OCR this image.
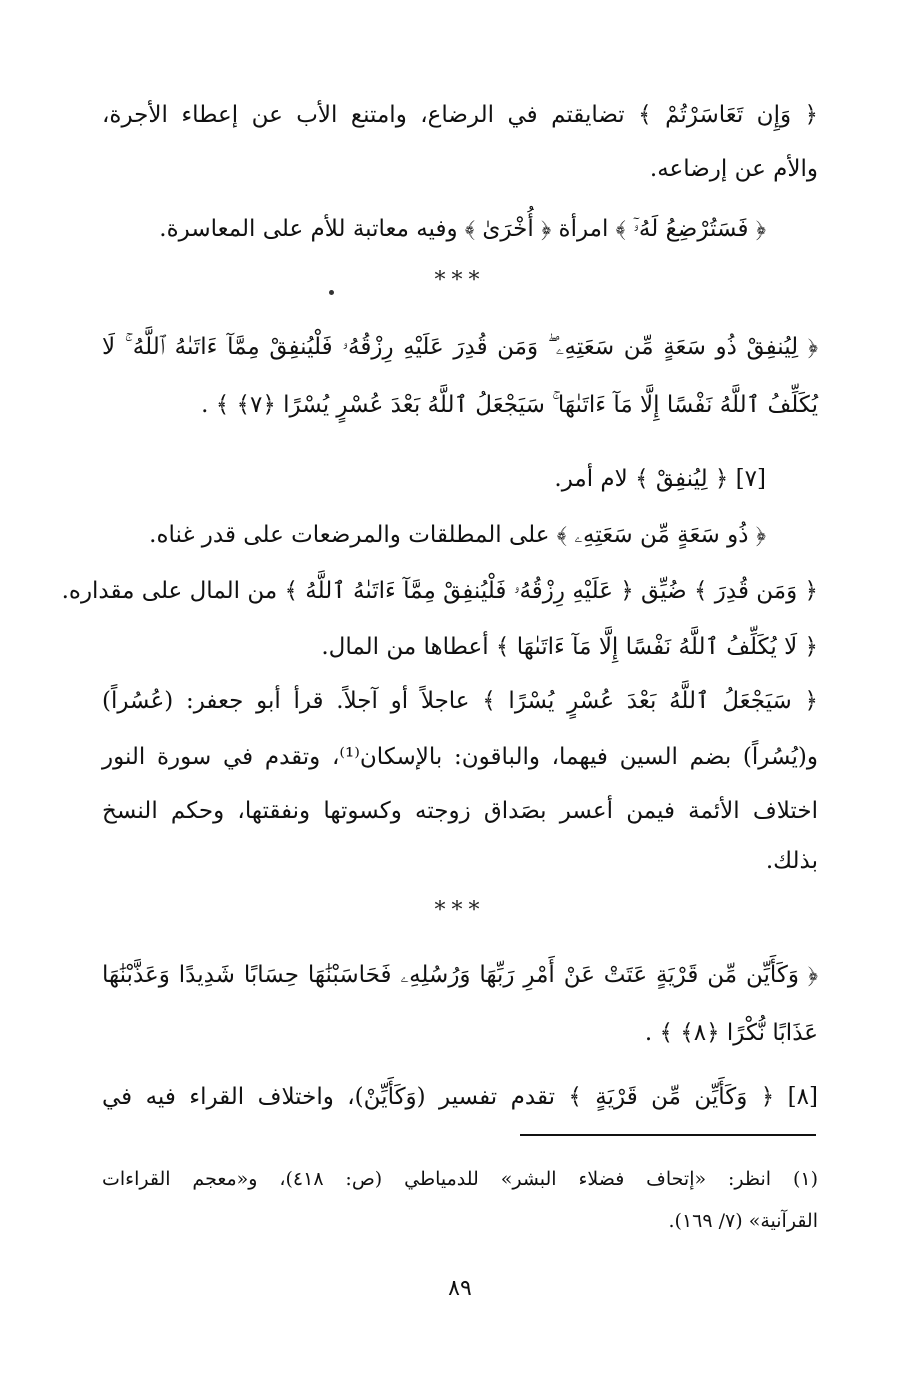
﴿ وَإِن تَعَاسَرْتُمْ ﴾ تضايقتم في الرضاع، وامتنع الأب عن إعطاء الأجرة،
والأم عن إرضاعه.
﴿ فَسَتُرْضِعُ لَهُۥٓ ﴾ امرأة ﴿ أُخْرَىٰ ﴾ وفيه معاتبة للأم على المعاسرة.
***
﴿ لِيُنفِقْ ذُو سَعَةٍ مِّن سَعَتِهِۦ ۖ وَمَن قُدِرَ عَلَيْهِ رِزْقُهُۥ فَلْيُنفِقْ مِمَّآ ءَاتَىٰهُ ٱللَّهُ ۚ لَا
يُكَلِّفُ ٱللَّهُ نَفْسًا إِلَّا مَآ ءَاتَىٰهَا ۚ سَيَجْعَلُ ٱللَّهُ بَعْدَ عُسْرٍ يُسْرًا ﴿٧﴾ ﴾ .
[٧] ﴿ لِيُنفِقْ ﴾ لام أمر.
﴿ ذُو سَعَةٍ مِّن سَعَتِهِۦ ﴾ على المطلقات والمرضعات على قدر غناه.
﴿ وَمَن قُدِرَ ﴾ ضُيِّق ﴿ عَلَيْهِ رِزْقُهُۥ فَلْيُنفِقْ مِمَّآ ءَاتَىٰهُ ٱللَّهُ ﴾ من المال على مقداره.
﴿ لَا يُكَلِّفُ ٱللَّهُ نَفْسًا إِلَّا مَآ ءَاتَىٰهَا ﴾ أعطاها من المال.
﴿ سَيَجْعَلُ ٱللَّهُ بَعْدَ عُسْرٍ يُسْرًا ﴾ عاجلاً أو آجلاً. قرأ أبو جعفر: (عُسُراً)
و(يُسُراً) بضم السين فيهما، والباقون: بالإسكان⁽¹⁾، وتقدم في سورة النور
اختلاف الأئمة فيمن أعسر بصَداق زوجته وكسوتها ونفقتها، وحكم النسخ
بذلك.
***
﴿ وَكَأَيِّن مِّن قَرْيَةٍ عَتَتْ عَنْ أَمْرِ رَبِّهَا وَرُسُلِهِۦ فَحَاسَبْنَٰهَا حِسَابًا شَدِيدًا وَعَذَّبْنَٰهَا
عَذَابًا نُّكْرًا ﴿٨﴾ ﴾ .
[٨] ﴿ وَكَأَيِّن مِّن قَرْيَةٍ ﴾ تقدم تفسير (وَكَأَيِّنْ)، واختلاف القراء فيه في
(١) انظر: «إتحاف فضلاء البشر» للدمياطي (ص: ٤١٨)، و«معجم القراءات
القرآنية» (٧/ ١٦٩).
٨٩
